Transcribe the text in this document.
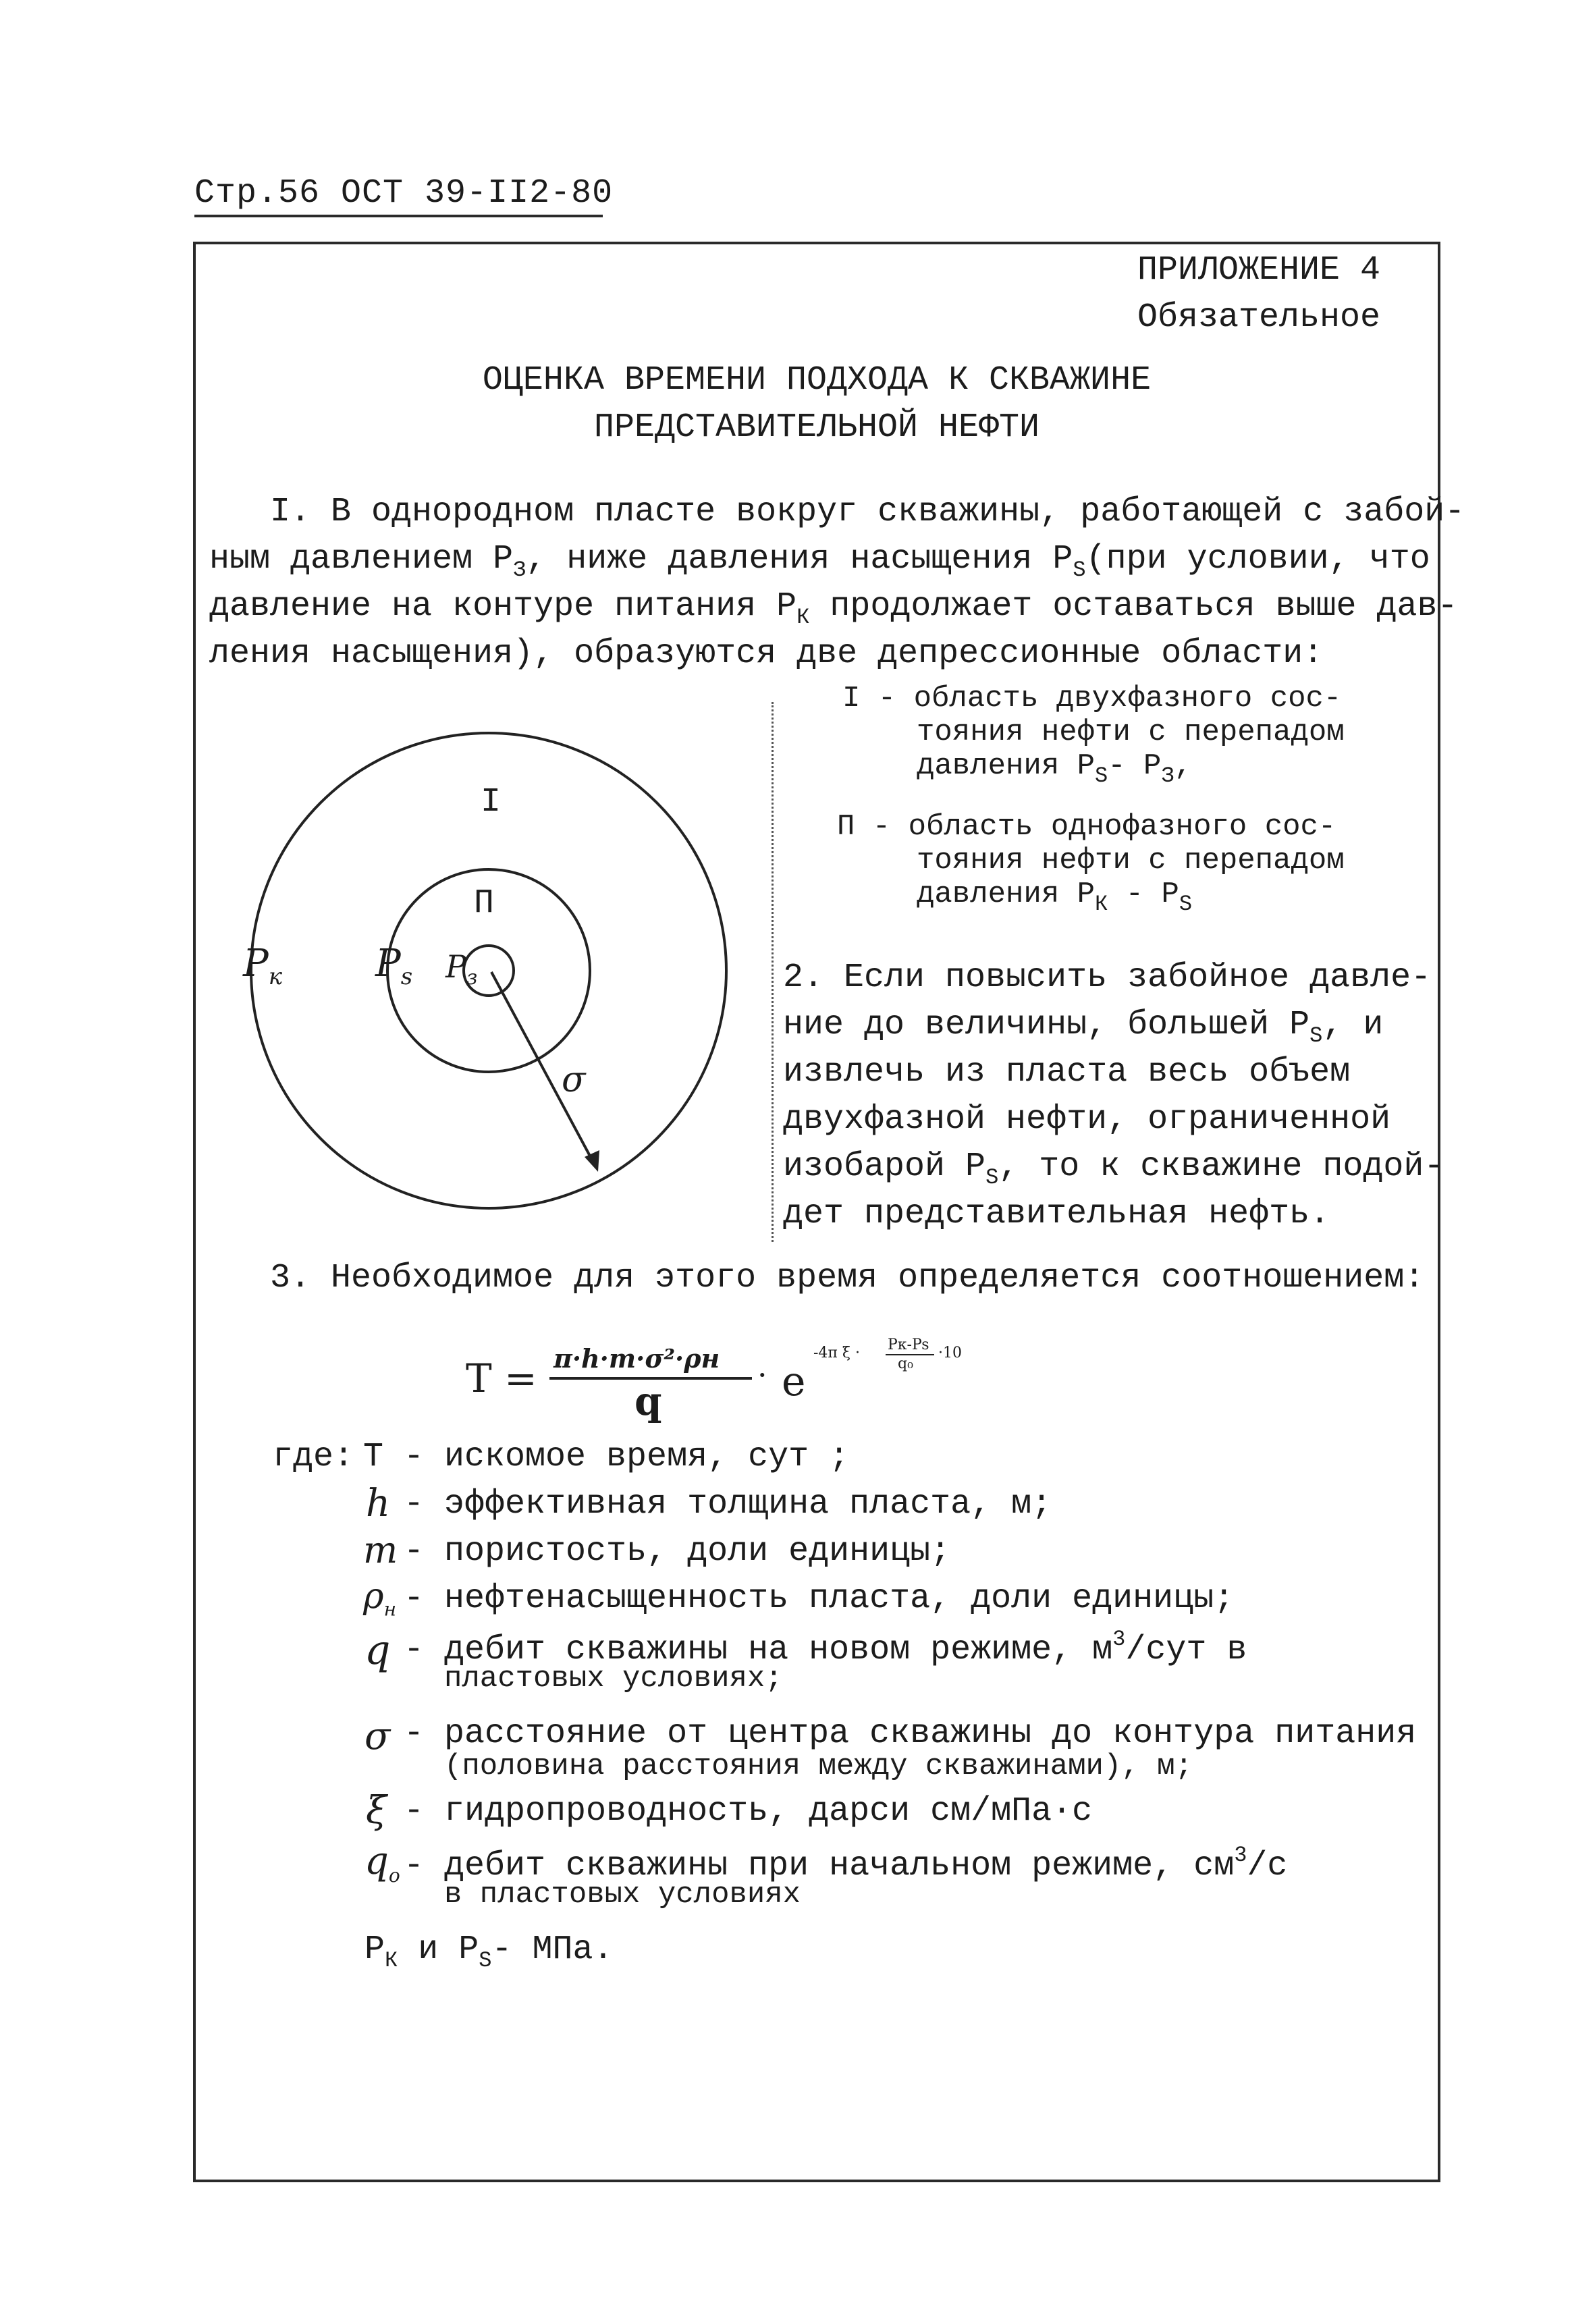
Стр.56 ОСТ 39-II2-80
ПРИЛОЖЕНИЕ 4
Обязательное
ОЦЕНКА ВРЕМЕНИ ПОДХОДА К СКВАЖИНЕ
ПРЕДСТАВИТЕЛЬНОЙ НЕФТИ
I. В однородном пласте вокруг скважины, работающей с забой-
ным давлением $P_З$, ниже давления насыщения $P_S(при$ условии, что
давление на контуре питания $P_К$ продолжает оставаться выше дав-
ления насыщения), образуются две депрессионные области:
I - область двухфазного сос-
тояния нефти с перепадом
давления $P_S-$ $P_З$,
П - область однофазного сос-
тояния нефти с перепадом
давления $P_К - P_S$
I
П
$P_к$ $P_s$ $P_з$
σ
2. Если повысить забойное давле-
ние до величины, большей $P_S$, и
извлечь из пласта весь объем
двухфазной нефти, ограниченной
изобарой $P_S$, то к скважине подой-
дет представительная нефть.
3. Необходимое для этого время определяется соотношением:
T = π·h·m·σ²·ρн
q
· e
-4π ξ · Pк-Ps
q₀
·10
где: T - искомое время, сут ;
h - эффективная толщина пласта, м;
m - пористость, доли единицы;
$\rho_н$ - нефтенасыщенность пласта, доли единицы;
q - дебит скважины на новом режиме, $м^3$/сут в
пластовых условиях;
σ - расстояние от центра скважины до контура питания
(половина расстояния между скважинами), м;
ξ - гидропроводность, дарси см/мПа·с
$q_о$ - дебит скважины при начальном режиме, $см^3/с$
в пластовых условиях
$P_К$ и $P_S-$ МПа.
